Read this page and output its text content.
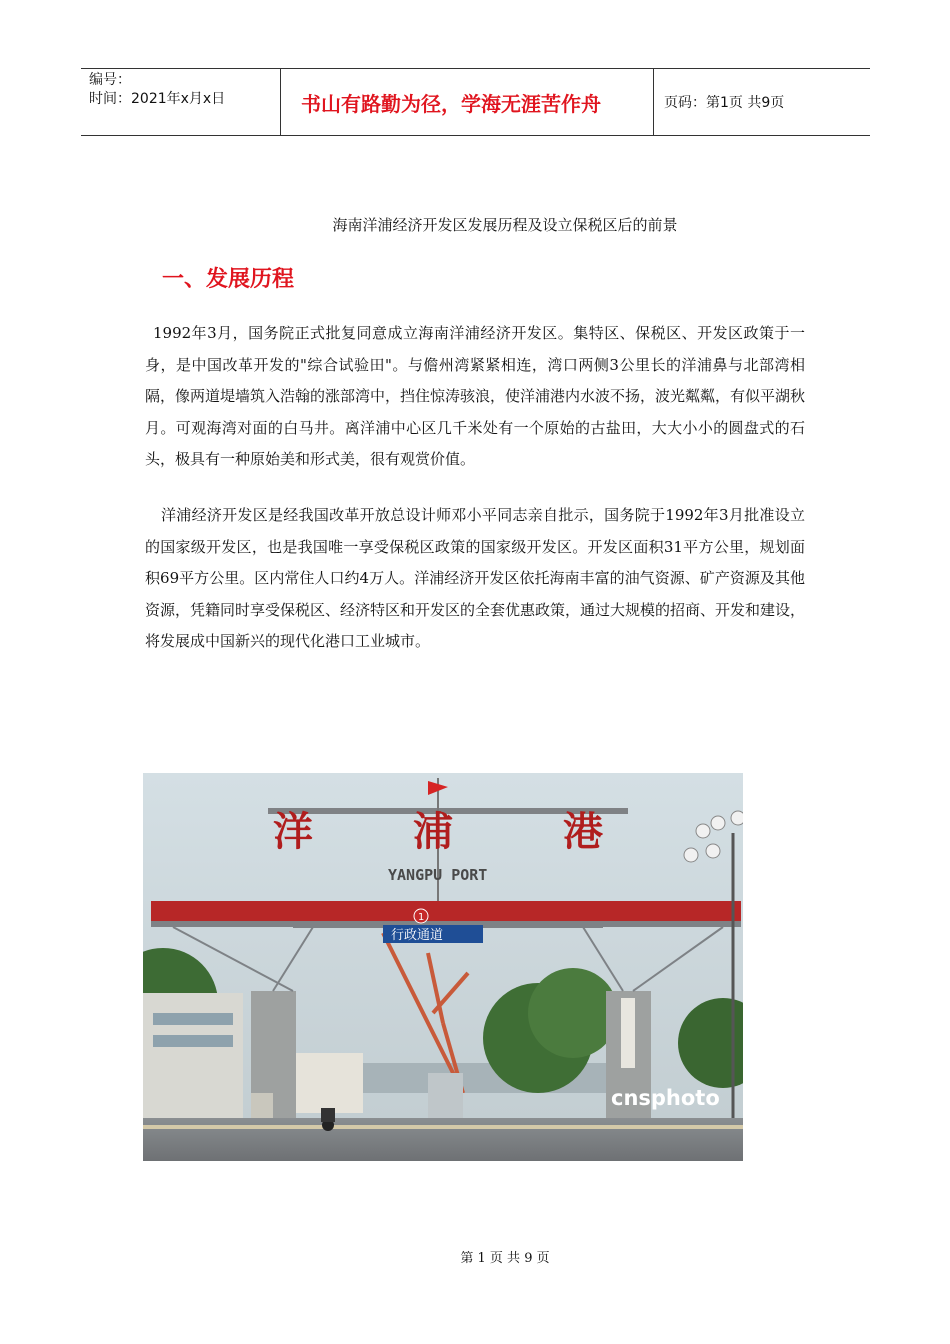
编号：
时间：2021年x月x日	书山有路勤为径，学海无涯苦作舟	页码：第1页 共9页
海南洋浦经济开发区发展历程及设立保税区后的前景
一、发展历程
1992年3月，国务院正式批复同意成立海南洋浦经济开发区。集特区、保税区、开发区政策于一身，是中国改革开发的"综合试验田"。与儋州湾紧紧相连，湾口两侧3公里长的洋浦鼻与北部湾相隔，像两道堤墙筑入浩翰的涨部湾中，挡住惊涛骇浪，使洋浦港内水波不扬，波光粼粼，有似平湖秋月。可观海湾对面的白马井。离洋浦中心区几千米处有一个原始的古盐田，大大小小的圆盘式的石头，极具有一种原始美和形式美，很有观赏价值。
洋浦经济开发区是经我国改革开放总设计师邓小平同志亲自批示，国务院于1992年3月批准设立的国家级开发区，也是我国唯一享受保税区政策的国家级开发区。开发区面积31平方公里，规划面积69平方公里。区内常住人口约4万人。洋浦经济开发区依托海南丰富的油气资源、矿产资源及其他资源，凭籍同时享受保税区、经济特区和开发区的全套优惠政策，通过大规模的招商、开发和建设，将发展成中国新兴的现代化港口工业城市。
洋	浦	港
YANGPU PORT
1
行政通道
cnsphoto
第 1 页 共 9 页
